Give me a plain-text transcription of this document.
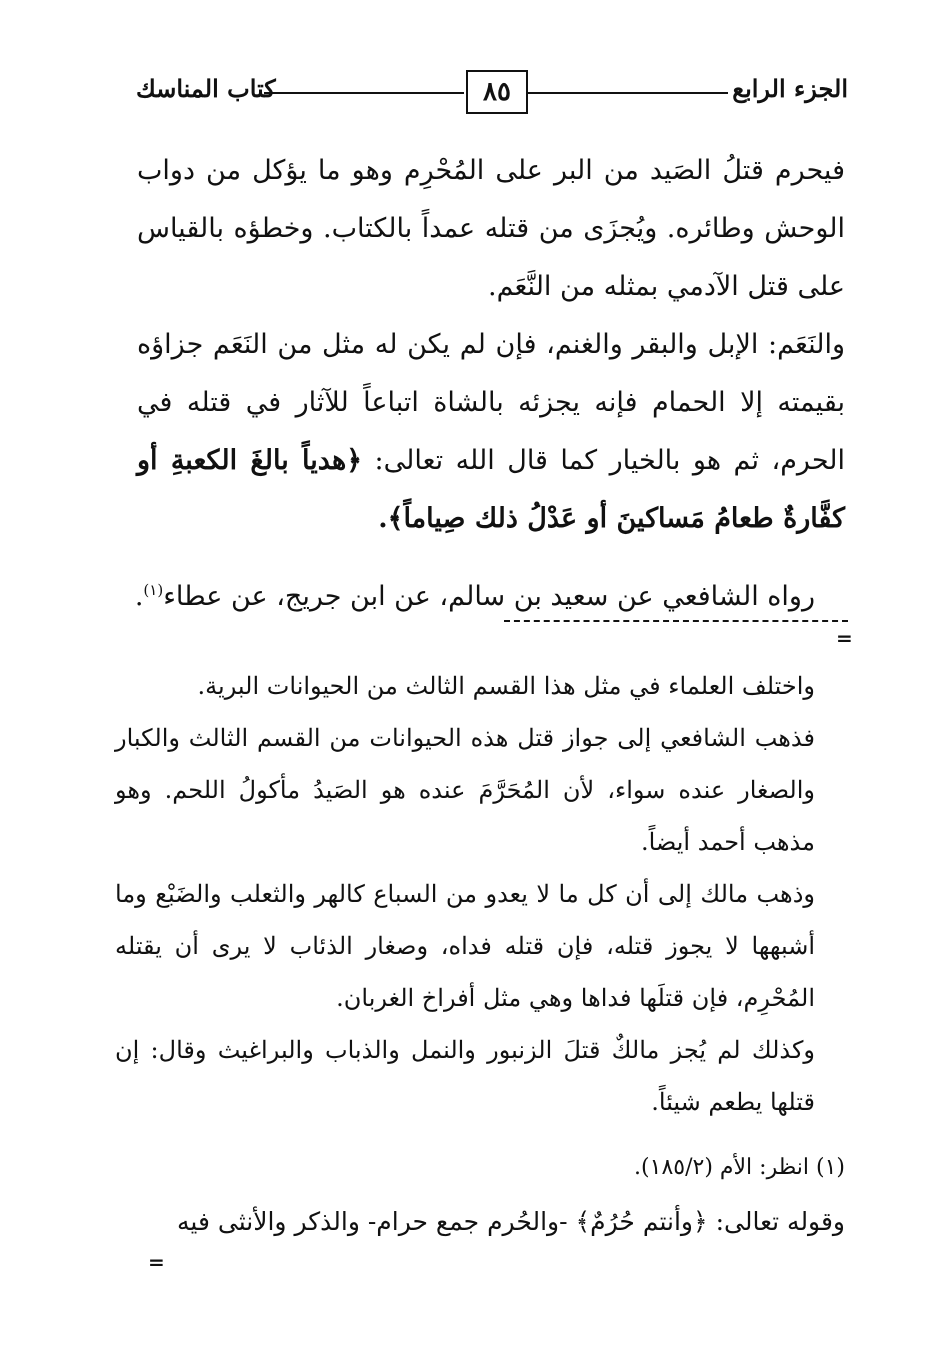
الجزء الرابع
٨٥
كتاب المناسك

فيحرم قتلُ الصَيد من البر على المُحْرِم وهو ما يؤكل من دواب الوحش وطائره. ويُجزَى من قتله عمداً بالكتاب. وخطؤه بالقياس على قتل الآدمي بمثله من النَّعَم.

والنَعَم: الإبل والبقر والغنم، فإن لم يكن له مثل من النَعَم جزاؤه بقيمته إلا الحمام فإنه يجزئه بالشاة اتباعاً للآثار في قتله في الحرم، ثم هو بالخيار كما قال الله تعالى: ﴿هدياً بالغَ الكعبةِ أو كفَّارةٌ طعامُ مَساكينَ أو عَدْلُ ذلك صِياماً﴾.

رواه الشافعي عن سعيد بن سالم، عن ابن جريج، عن عطاء$^{(١)}$.
=

واختلف العلماء في مثل هذا القسم الثالث من الحيوانات البرية.

فذهب الشافعي إلى جواز قتل هذه الحيوانات من القسم الثالث والكبار والصغار عنده سواء، لأن المُحَرَّمَ عنده هو الصَيدُ مأكولُ اللحم. وهو مذهب أحمد أيضاً.

وذهب مالك إلى أن كل ما لا يعدو من السباع كالهر والثعلب والضَبْع وما أشبهها لا يجوز قتله، فإن قتله فداه، وصغار الذئاب لا يرى أن يقتله المُحْرِم، فإن قتلَها فداها وهي مثل أفراخ الغربان.

وكذلك لم يُجز مالكٌ قتلَ الزنبور والنمل والذباب والبراغيث وقال: إن قتلها يطعم شيئاً.

(١) انظر: الأم (١٨٥/٢).
وقوله تعالى: ﴿وأنتم حُرُمٌ﴾ -والحُرم جمع حرام- والذكر والأنثى فيه
=
